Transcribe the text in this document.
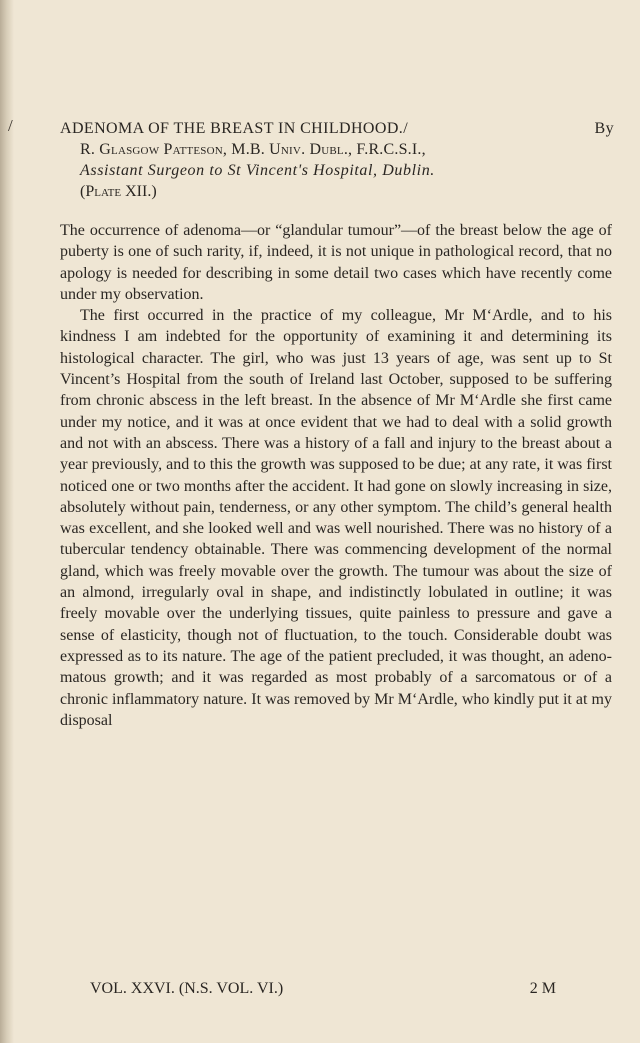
/	ADENOMA OF THE BREAST IN CHILDHOOD./	By
R. Glasgow Patteson, M.B. Univ. Dubl., F.R.C.S.I.,
Assistant Surgeon to St Vincent's Hospital, Dublin.
(Plate XII.)

The occurrence of adenoma—or “glandular tumour”—of the breast below the age of puberty is one of such rarity, if, indeed, it is not unique in pathological record, that no apology is needed for describing in some detail two cases which have recently come under my observation.

The first occurred in the practice of my colleague, Mr M‘Ardle, and to his kindness I am indebted for the opportunity of examining it and determining its histological character. The girl, who was just 13 years of age, was sent up to St Vincent’s Hospital from the south of Ireland last October, supposed to be suffering from chronic abscess in the left breast. In the absence of Mr M‘Ardle she first came under my notice, and it was at once evident that we had to deal with a solid growth and not with an abscess. There was a history of a fall and injury to the breast about a year previously, and to this the growth was supposed to be due; at any rate, it was first noticed one or two months after the accident. It had gone on slowly increasing in size, absolutely without pain, tenderness, or any other symptom. The child’s general health was excellent, and she looked well and was well nourished. There was no history of a tubercular tendency obtainable. There was commencing development of the normal gland, which was freely movable over the growth. The tumour was about the size of an almond, irregularly oval in shape, and indistinctly lobulated in outline; it was freely movable over the underlying tissues, quite painless to pressure and gave a sense of elasticity, though not of fluctuation, to the touch. Considerable doubt was expressed as to its nature. The age of the patient precluded, it was thought, an adeno-matous growth; and it was regarded as most probably of a sarcomatous or of a chronic inflammatory nature. It was removed by Mr M‘Ardle, who kindly put it at my disposal

VOL. XXVI. (N.S. VOL. VI.)	2 M
